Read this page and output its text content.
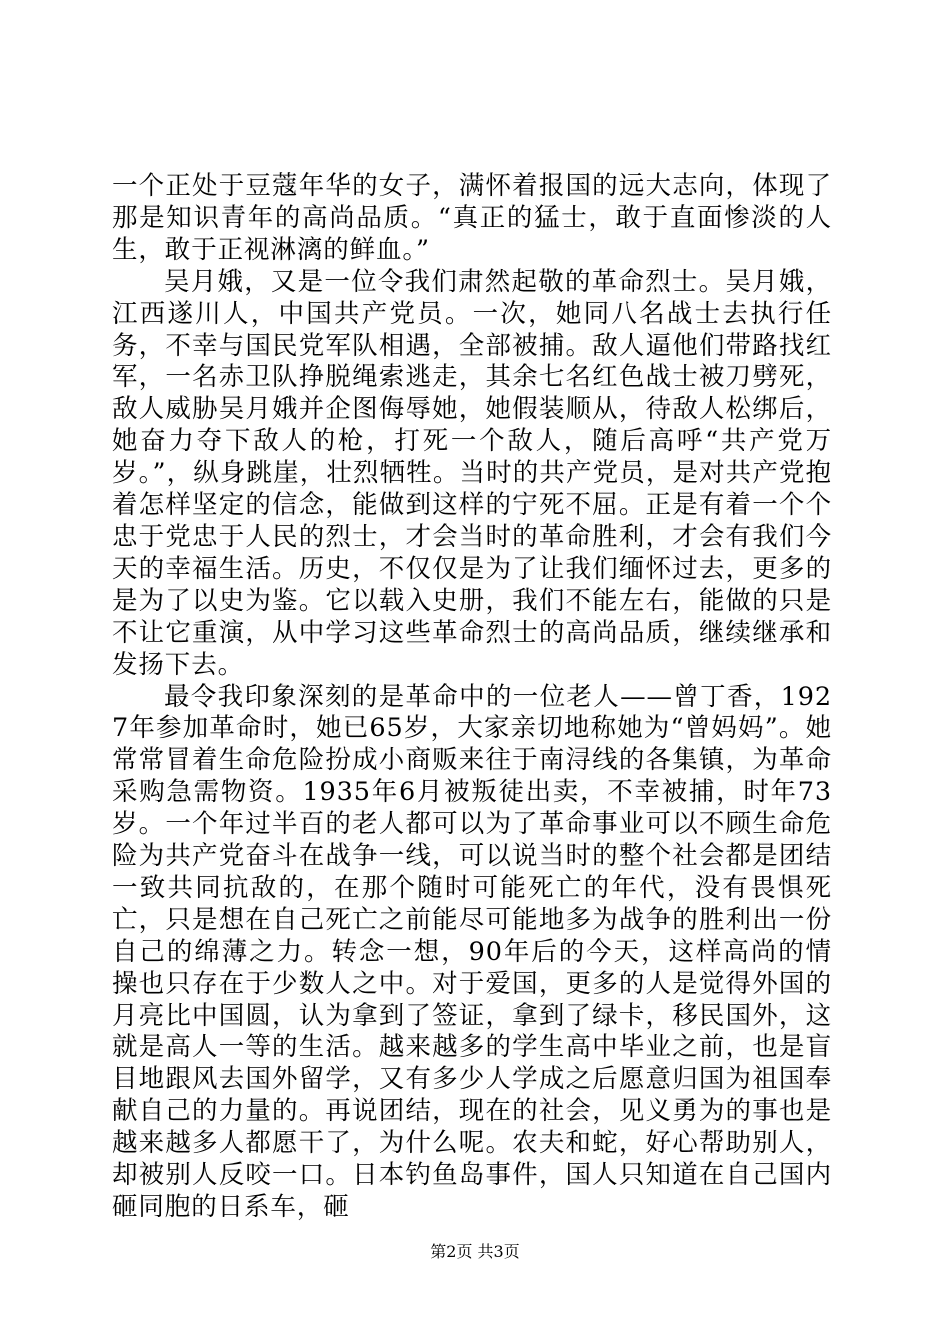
一个正处于豆蔻年华的女子，满怀着报国的远大志向，体现了那是知识青年的高尚品质。“真正的猛士，敢于直面惨淡的人生，敢于正视淋漓的鲜血。”

吴月娥，又是一位令我们肃然起敬的革命烈士。吴月娥，江西遂川人，中国共产党员。一次，她同八名战士去执行任务，不幸与国民党军队相遇，全部被捕。敌人逼他们带路找红军，一名赤卫队挣脱绳索逃走，其余七名红色战士被刀劈死，敌人威胁吴月娥并企图侮辱她，她假装顺从，待敌人松绑后，她奋力夺下敌人的枪，打死一个敌人，随后高呼“共产党万岁。”，纵身跳崖，壮烈牺牲。当时的共产党员，是对共产党抱着怎样坚定的信念，能做到这样的宁死不屈。正是有着一个个忠于党忠于人民的烈士，才会当时的革命胜利，才会有我们今天的幸福生活。历史，不仅仅是为了让我们缅怀过去，更多的是为了以史为鉴。它以载入史册，我们不能左右，能做的只是不让它重演，从中学习这些革命烈士的高尚品质，继续继承和发扬下去。

最令我印象深刻的是革命中的一位老人——曾丁香，1927年参加革命时，她已65岁，大家亲切地称她为“曾妈妈”。她常常冒着生命危险扮成小商贩来往于南浔线的各集镇，为革命采购急需物资。1935年6月被叛徒出卖，不幸被捕，时年73岁。一个年过半百的老人都可以为了革命事业可以不顾生命危险为共产党奋斗在战争一线，可以说当时的整个社会都是团结一致共同抗敌的，在那个随时可能死亡的年代，没有畏惧死亡，只是想在自己死亡之前能尽可能地多为战争的胜利出一份自己的绵薄之力。转念一想，90年后的今天，这样高尚的情操也只存在于少数人之中。对于爱国，更多的人是觉得外国的月亮比中国圆，认为拿到了签证，拿到了绿卡，移民国外，这就是高人一等的生活。越来越多的学生高中毕业之前，也是盲目地跟风去国外留学，又有多少人学成之后愿意归国为祖国奉献自己的力量的。再说团结，现在的社会，见义勇为的事也是越来越多人都愿干了，为什么呢。农夫和蛇，好心帮助别人，却被别人反咬一口。日本钓鱼岛事件，国人只知道在自己国内砸同胞的日系车，砸

第2页 共3页
